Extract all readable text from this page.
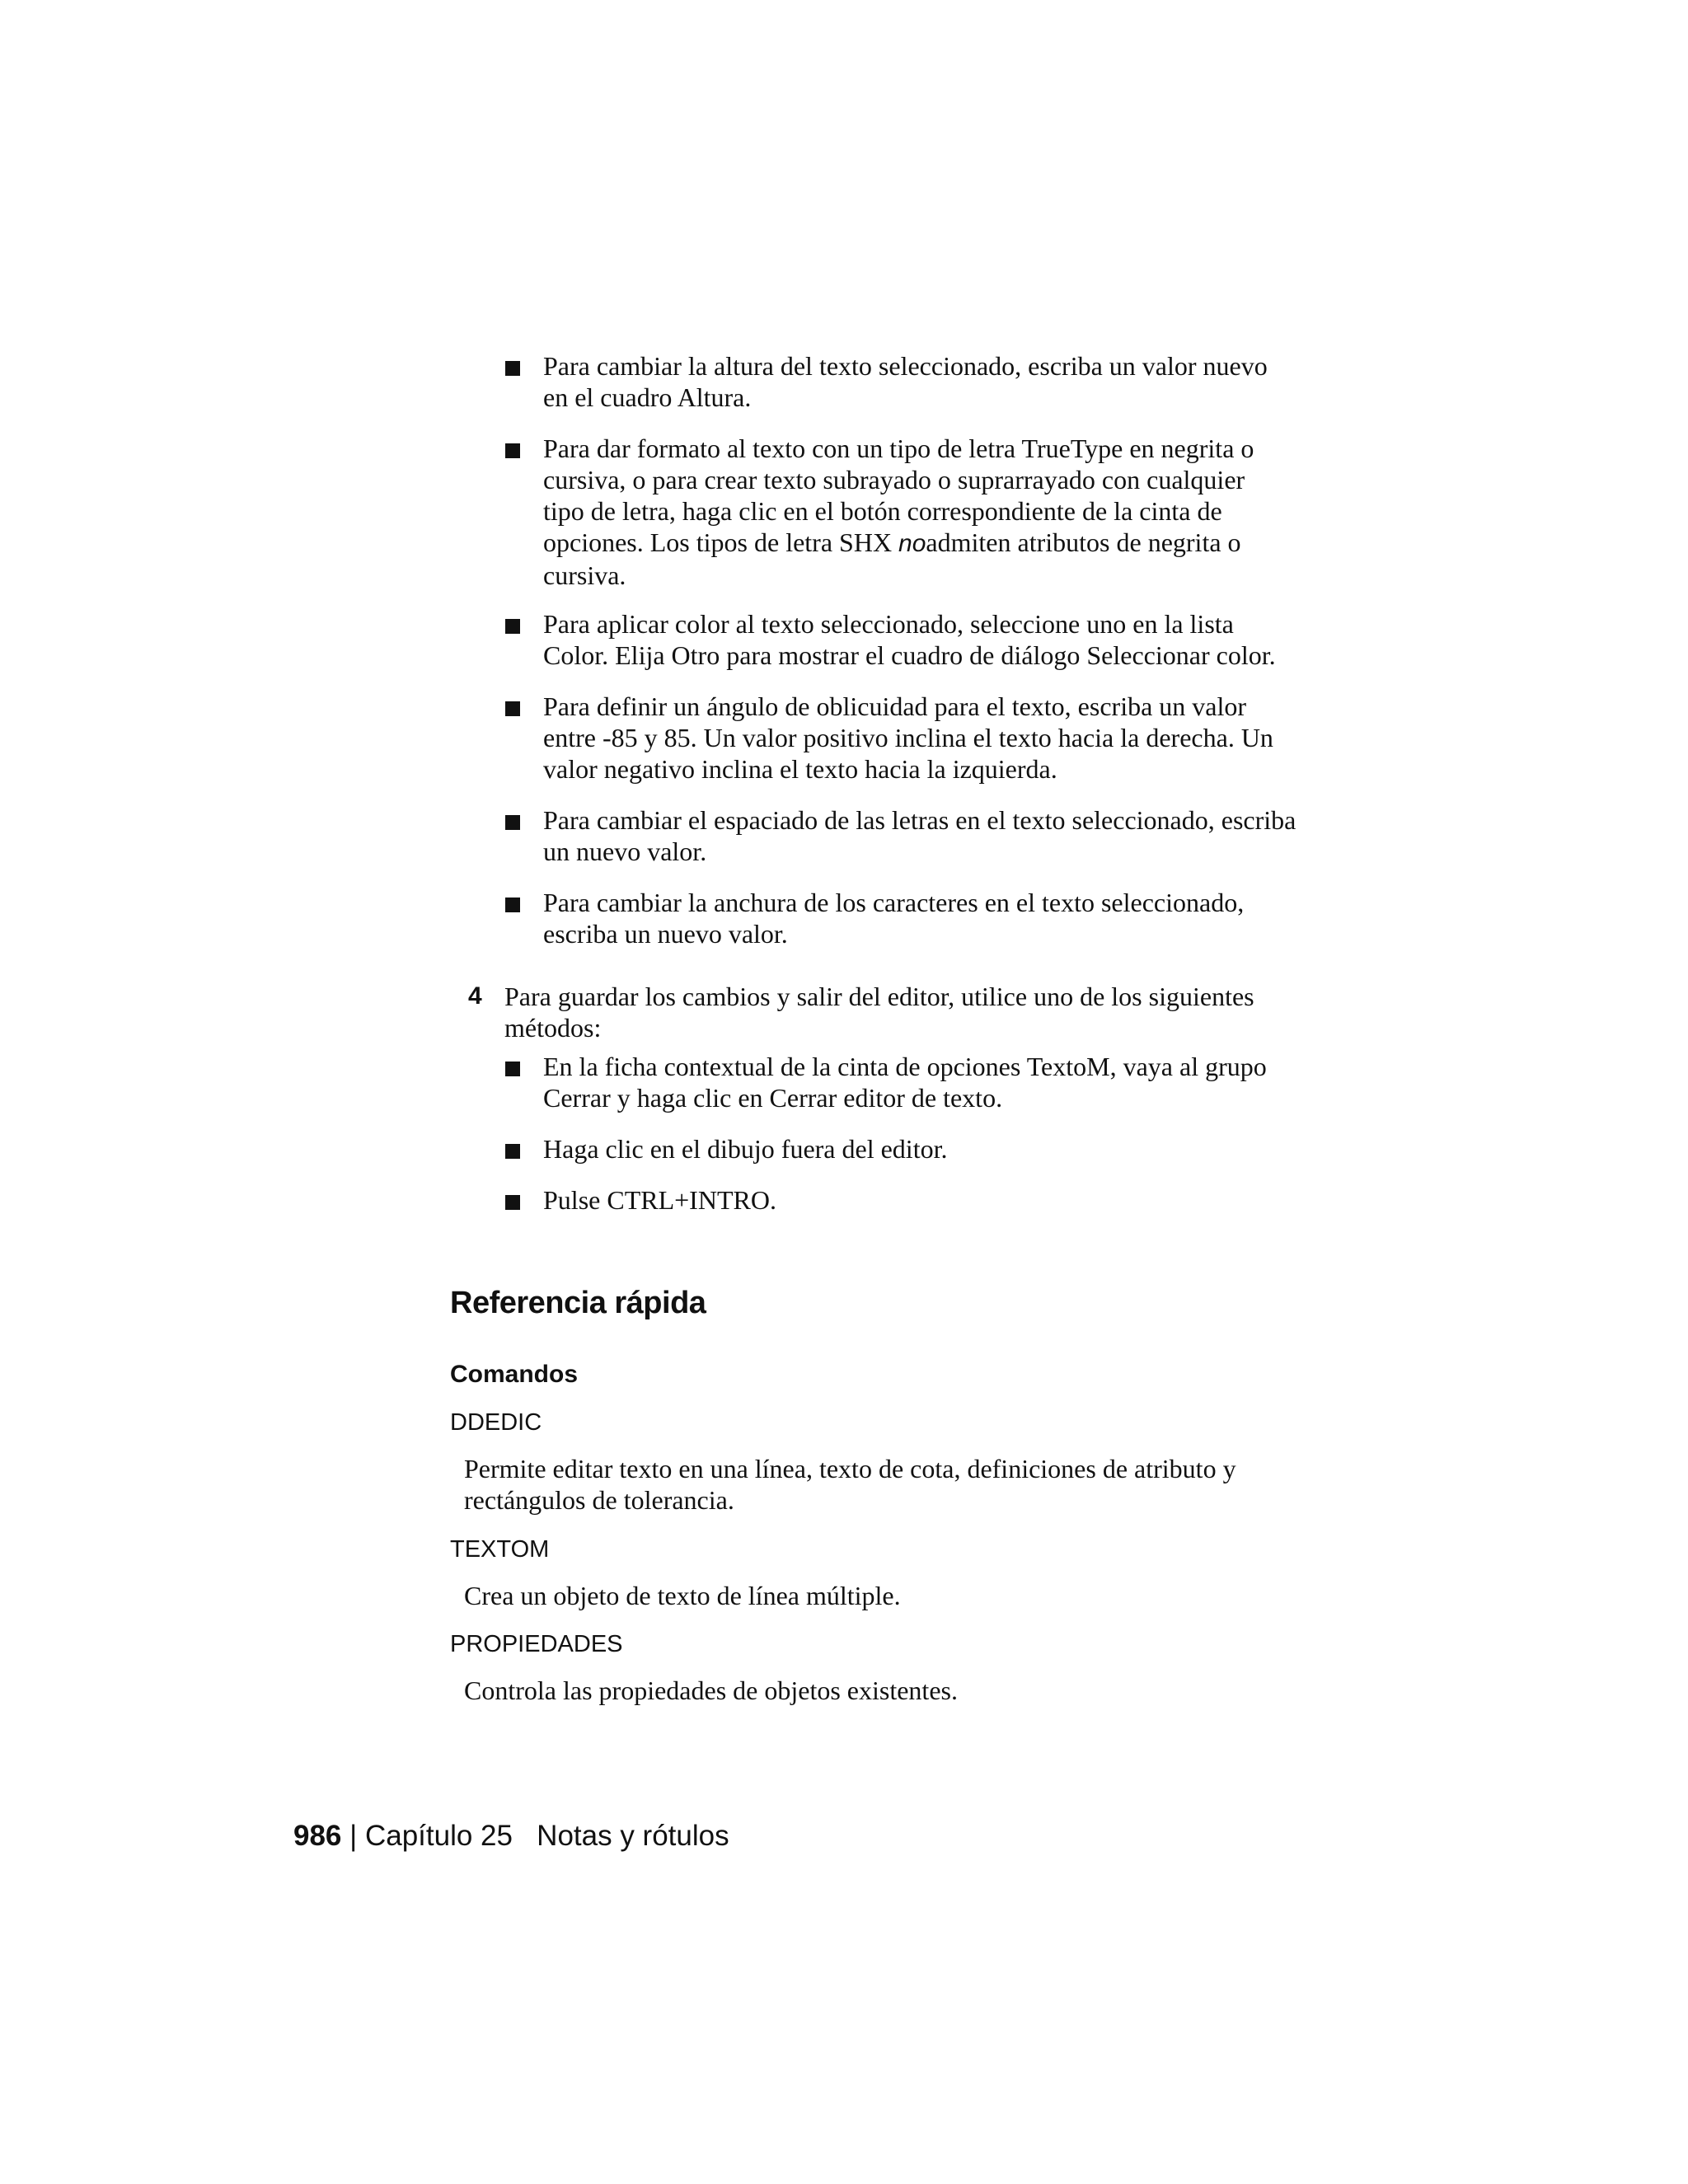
Para cambiar la altura del texto seleccionado, escriba un valor nuevo
en el cuadro Altura.
Para dar formato al texto con un tipo de letra TrueType en negrita o
cursiva, o para crear texto subrayado o suprarrayado con cualquier
tipo de letra, haga clic en el botón correspondiente de la cinta de
opciones. Los tipos de letra SHX noadmiten atributos de negrita o
cursiva.
Para aplicar color al texto seleccionado, seleccione uno en la lista
Color. Elija Otro para mostrar el cuadro de diálogo Seleccionar color.
Para definir un ángulo de oblicuidad para el texto, escriba un valor
entre -85 y 85. Un valor positivo inclina el texto hacia la derecha. Un
valor negativo inclina el texto hacia la izquierda.
Para cambiar el espaciado de las letras en el texto seleccionado, escriba
un nuevo valor.
Para cambiar la anchura de los caracteres en el texto seleccionado,
escriba un nuevo valor.
4 Para guardar los cambios y salir del editor, utilice uno de los siguientes
métodos:
En la ficha contextual de la cinta de opciones TextoM, vaya al grupo
Cerrar y haga clic en Cerrar editor de texto.
Haga clic en el dibujo fuera del editor.
Pulse CTRL+INTRO.
Referencia rápida
Comandos
DDEDIC
Permite editar texto en una línea, texto de cota, definiciones de atributo y
rectángulos de tolerancia.
TEXTOM
Crea un objeto de texto de línea múltiple.
PROPIEDADES
Controla las propiedades de objetos existentes.
986 | Capítulo 25 Notas y rótulos
